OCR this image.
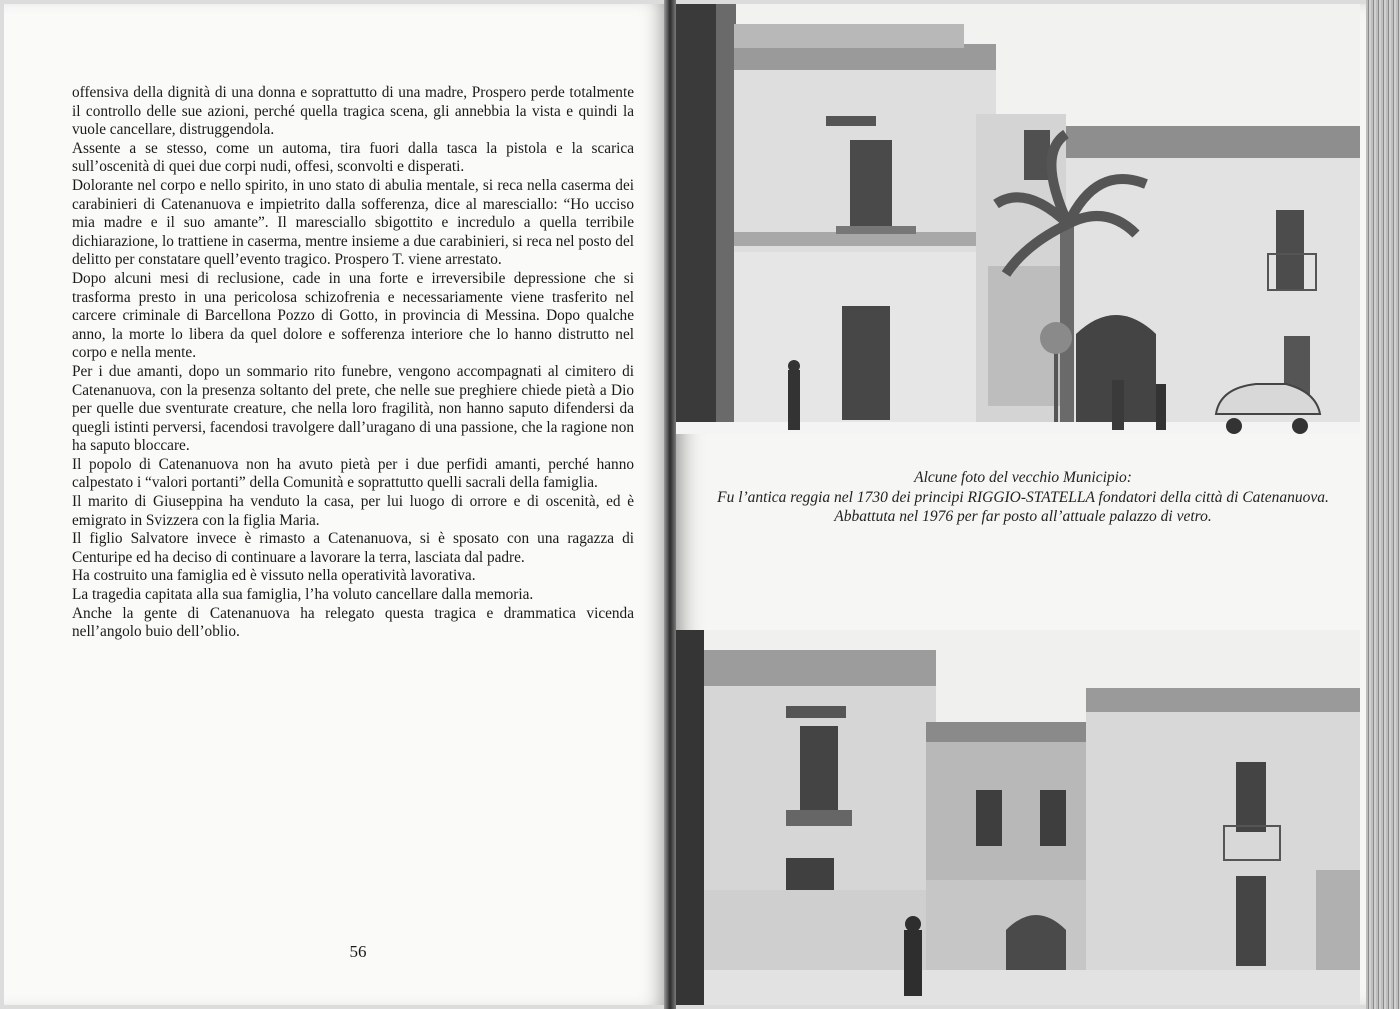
offensiva della dignità di una donna e soprattutto di una madre, Prospero perde totalmente il controllo delle sue azioni, perché quella tragica scena, gli annebbia la vista e quindi la vuole cancellare, distruggendola.

Assente a se stesso, come un automa, tira fuori dalla tasca la pistola e la scarica sull’oscenità di quei due corpi nudi, offesi, sconvolti e disperati.

Dolorante nel corpo e nello spirito, in uno stato di abulia mentale, si reca nella caserma dei carabinieri di Catenanuova e impietrito dalla sofferenza, dice al maresciallo: “Ho ucciso mia madre e il suo amante”. Il maresciallo sbigottito e incredulo a quella terribile dichiarazione, lo trattiene in caserma, mentre insieme a due carabinieri, si reca nel posto del delitto per constatare quell’evento tragico. Prospero T. viene arrestato.

Dopo alcuni mesi di reclusione, cade in una forte e irreversibile depressione che si trasforma presto in una pericolosa schizofrenia e necessariamente viene trasferito nel carcere criminale di Barcellona Pozzo di Gotto, in provincia di Messina. Dopo qualche anno, la morte lo libera da quel dolore e sofferenza interiore che lo hanno distrutto nel corpo e nella mente.

Per i due amanti, dopo un sommario rito funebre, vengono accompagnati al cimitero di Catenanuova, con la presenza soltanto del prete, che nelle sue preghiere chiede pietà a Dio per quelle due sventurate creature, che nella loro fragilità, non hanno saputo difendersi da quegli istinti perversi, facendosi travolgere dall’uragano di una passione, che la ragione non ha saputo bloccare.

Il popolo di Catenanuova non ha avuto pietà per i due perfidi amanti, perché hanno calpestato i “valori portanti” della Comunità e soprattutto quelli sacrali della famiglia.

Il marito di Giuseppina ha venduto la casa, per lui luogo di orrore e di oscenità, ed è emigrato in Svizzera con la figlia Maria.

Il figlio Salvatore invece è rimasto a Catenanuova, si è sposato con una ragazza di Centuripe ed ha deciso di continuare a lavorare la terra, lasciata dal padre.

Ha costruito una famiglia ed è vissuto nella operatività lavorativa.

La tragedia capitata alla sua famiglia, l’ha voluto cancellare dalla memoria.

Anche la gente di Catenanuova ha relegato questa tragica e drammatica vicenda nell’angolo buio dell’oblio.

56
Alcune foto del vecchio Municipio:
Fu l’antica reggia nel 1730 dei principi RIGGIO-STATELLA fondatori della città di Catenanuova. Abbattuta nel 1976 per far posto all’attuale palazzo di vetro.
